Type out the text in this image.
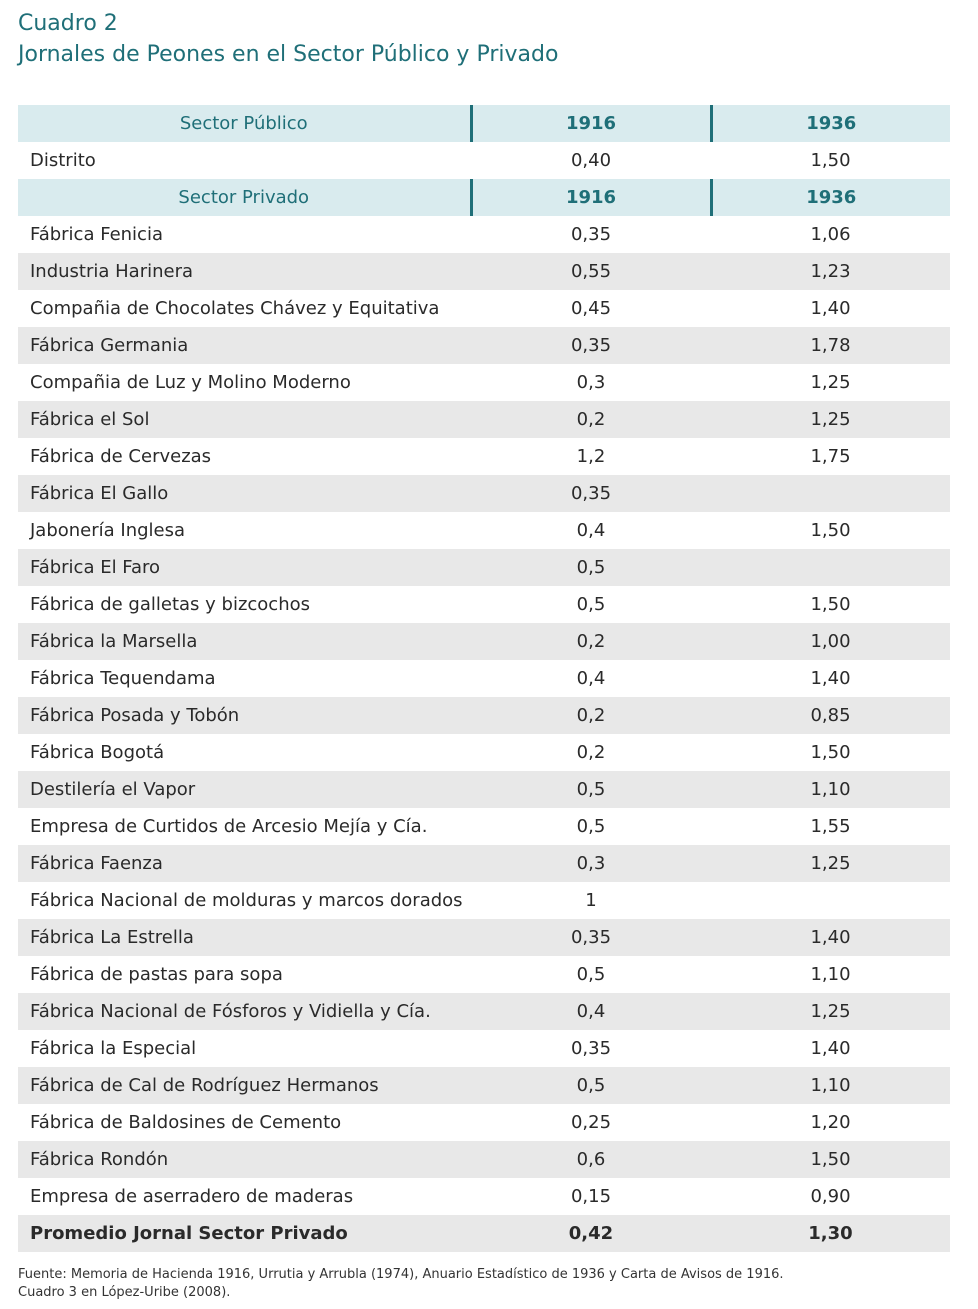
Cuadro 2
Jornales de Peones en el Sector Público y Privado
Sector Público	1916	1936
Distrito	0,40	1,50
Sector Privado	1916	1936
Fábrica Fenicia	0,35	1,06
Industria Harinera	0,55	1,23
Compañia de Chocolates Chávez y Equitativa	0,45	1,40
Fábrica Germania	0,35	1,78
Compañia de Luz y Molino Moderno	0,3	1,25
Fábrica el Sol	0,2	1,25
Fábrica de Cervezas	1,2	1,75
Fábrica El Gallo	0,35	
Jabonería Inglesa	0,4	1,50
Fábrica El Faro	0,5	
Fábrica de galletas y bizcochos	0,5	1,50
Fábrica la Marsella	0,2	1,00
Fábrica Tequendama	0,4	1,40
Fábrica Posada y Tobón	0,2	0,85
Fábrica Bogotá	0,2	1,50
Destilería el Vapor	0,5	1,10
Empresa de Curtidos de Arcesio Mejía y Cía.	0,5	1,55
Fábrica Faenza	0,3	1,25
Fábrica Nacional de molduras y marcos dorados	1	
Fábrica La Estrella	0,35	1,40
Fábrica de pastas para sopa	0,5	1,10
Fábrica Nacional de Fósforos y Vidiella y Cía.	0,4	1,25
Fábrica la Especial	0,35	1,40
Fábrica de Cal de Rodríguez Hermanos	0,5	1,10
Fábrica de Baldosines de Cemento	0,25	1,20
Fábrica Rondón	0,6	1,50
Empresa de aserradero de maderas	0,15	0,90
Promedio Jornal Sector Privado	0,42	1,30
Fuente: Memoria de Hacienda 1916, Urrutia y Arrubla (1974), Anuario Estadístico de 1936 y Carta de Avisos de 1916.
Cuadro 3 en López-Uribe (2008).
